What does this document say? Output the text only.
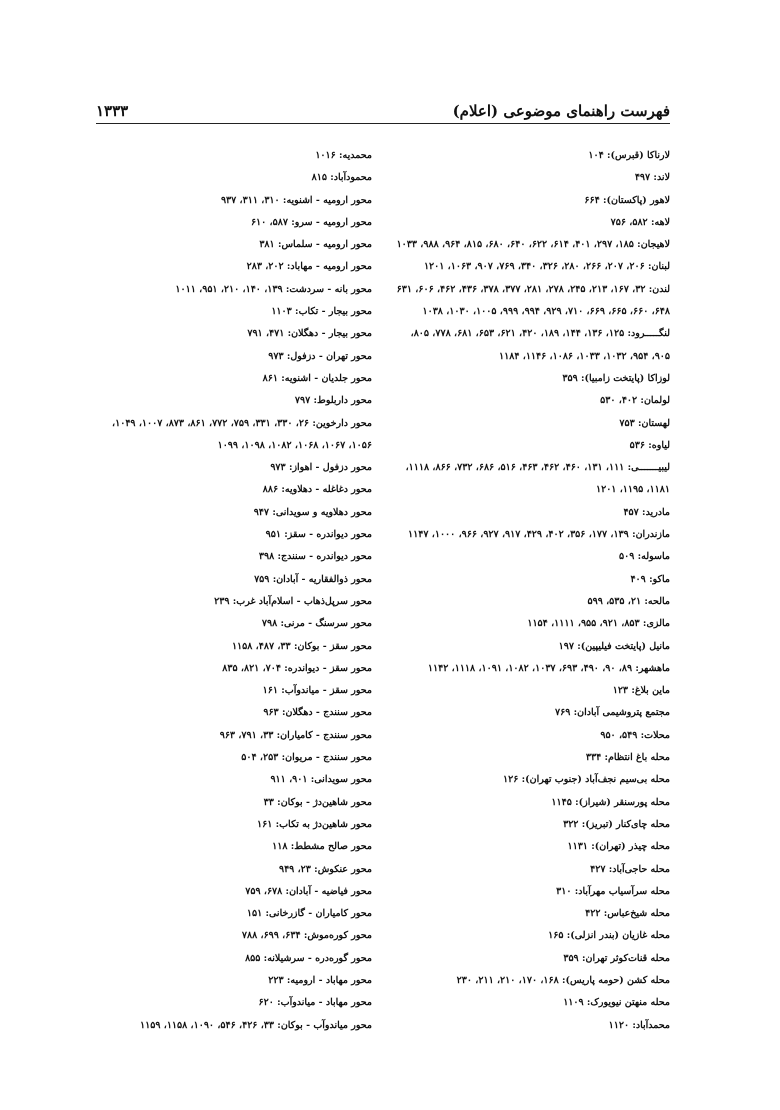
فهرست راهنمای موضوعی (اعلام)
۱۳۳۳
لارناکا (قبرس): ۱۰۴
لاند: ۴۹۷
لاهور (پاکستان): ۶۶۴
لاهه: ۵۸۲، ۷۵۶
لاهیجان: ۱۸۵، ۲۹۷، ۴۰۱، ۶۱۴، ۶۲۲، ۶۴۰، ۶۸۰، ۸۱۵، ۹۶۴، ۹۸۸، ۱۰۳۳
لبنان: ۲۰۶، ۲۰۷، ۲۶۶، ۲۸۰، ۳۲۶، ۳۴۰، ۷۶۹، ۹۰۷، ۱۰۶۳، ۱۲۰۱
لندن: ۳۲، ۱۶۷، ۲۱۳، ۲۴۵، ۲۷۸، ۲۸۱، ۳۷۷، ۳۷۸، ۴۳۶، ۴۶۲، ۶۰۶، ۶۳۱
۶۴۸، ۶۶۰، ۶۶۵، ۶۶۹، ۷۱۰، ۹۲۹، ۹۹۴، ۹۹۹، ۱۰۰۵، ۱۰۳۰، ۱۰۳۸
لنگـــــرود: ۱۲۵، ۱۳۶، ۱۴۴، ۱۸۹، ۴۲۰، ۶۲۱، ۶۵۳، ۶۸۱، ۷۷۸، ۸۰۵،
۹۰۵، ۹۵۴، ۱۰۳۲، ۱۰۳۳، ۱۰۸۶، ۱۱۴۶، ۱۱۸۴
لوزاکا (پایتخت زامبیا): ۳۵۹
لولمان: ۴۰۲، ۵۳۰
لهستان: ۷۵۳
لیاوه: ۵۳۶
لیبیـــــــی: ۱۱۱، ۱۳۱، ۴۶۰، ۴۶۲، ۴۶۳، ۵۱۶، ۶۸۶، ۷۳۲، ۸۶۶، ۱۱۱۸،
۱۱۸۱، ۱۱۹۵، ۱۲۰۱
مادرید: ۴۵۷
مازندران: ۱۳۹، ۱۷۷، ۳۵۶، ۴۰۲، ۴۲۹، ۹۱۷، ۹۲۷، ۹۶۶، ۱۰۰۰، ۱۱۴۷
ماسوله: ۵۰۹
ماکو: ۴۰۹
مالحه: ۲۱، ۵۳۵، ۵۹۹
مالزی: ۸۵۳، ۹۲۱، ۹۵۵، ۱۱۱۱، ۱۱۵۴
مانیل (پایتخت فیلیپین): ۱۹۷
ماهشهر: ۸۹، ۹۰، ۴۹۰، ۶۹۳، ۱۰۳۷، ۱۰۸۲، ۱۰۹۱، ۱۱۱۸، ۱۱۴۲
ماین بلاغ: ۱۲۳
مجتمع پتروشیمی آبادان: ۷۶۹
محلات: ۵۴۹، ۹۵۰
محله باغ انتظام: ۳۳۴
محله بی‌سیم نجف‌آباد (جنوب تهران): ۱۲۶
محله پورسنقر (شیراز): ۱۱۴۵
محله چای‌کنار (تبریز): ۳۲۲
محله چیذر (تهران): ۱۱۳۱
محله حاجی‌آباد: ۴۲۷
محله سرآسیاب مهرآباد: ۳۱۰
محله شیخ‌عباس: ۴۲۲
محله غازیان (بندر انزلی): ۱۶۵
محله قنات‌کوثر تهران: ۳۵۹
محله کشن (حومه پاریس): ۱۶۸، ۱۷۰، ۲۱۰، ۲۱۱، ۲۳۰
محله منهتن نیویورک: ۱۱۰۹
محمدآباد: ۱۱۲۰
محمدیه: ۱۰۱۶
محمودآباد: ۸۱۵
محور ارومیه - اشنویه: ۳۱۰، ۳۱۱، ۹۳۷
محور ارومیه - سرو: ۵۸۷، ۶۱۰
محور ارومیه - سلماس: ۳۸۱
محور ارومیه - مهاباد: ۲۰۲، ۲۸۳
محور بانه - سردشت: ۱۳۹، ۱۴۰، ۲۱۰، ۹۵۱، ۱۰۱۱
محور بیجار - تکاب: ۱۱۰۳
محور بیجار - دهگلان: ۴۷۱، ۷۹۱
محور تهران - دزفول: ۹۷۳
محور جلدیان - اشنویه: ۸۶۱
محور داربلوط: ۷۹۷
محور دارخوین: ۲۶، ۳۳۰، ۳۳۱، ۷۵۹، ۷۷۲، ۸۶۱، ۸۷۳، ۱۰۰۷، ۱۰۴۹،
۱۰۵۶، ۱۰۶۷، ۱۰۶۸، ۱۰۸۲، ۱۰۹۸، ۱۰۹۹
محور دزفول - اهواز: ۹۷۳
محور دغاغله - دهلاویه: ۸۸۶
محور دهلاویه و سویدانی: ۹۴۷
محور دیواندره - سقز: ۹۵۱
محور دیواندره - سنندج: ۳۹۸
محور ذوالفقاریه - آبادان: ۷۵۹
محور سرپل‌ذهاب - اسلام‌آباد غرب: ۲۳۹
محور سرسنگ - مرنی: ۷۹۸
محور سقز - بوکان: ۳۳، ۴۸۷، ۱۱۵۸
محور سقز - دیواندره: ۷۰۴، ۸۲۱، ۸۳۵
محور سقز - میاندوآب: ۱۶۱
محور سنندج - دهگلان: ۹۶۳
محور سنندج - کامیاران: ۳۳، ۷۹۱، ۹۶۳
محور سنندج - مریوان: ۲۵۳، ۵۰۴
محور سویدانی: ۹۰۱، ۹۱۱
محور شاهین‌دژ - بوکان: ۳۳
محور شاهین‌دژ به تکاب: ۱۶۱
محور صالح مشطط: ۱۱۸
محور عنکوش: ۲۳، ۹۴۹
محور فیاضیه - آبادان: ۶۷۸، ۷۵۹
محور کامیاران - گازرخانی: ۱۵۱
محور کوره‌موش: ۶۳۴، ۶۹۹، ۷۸۸
محور گوره‌دره - سرشیلانه: ۸۵۵
محور مهاباد - ارومیه: ۲۲۳
محور مهاباد - میاندوآب: ۶۲۰
محور میاندوآب - بوکان: ۳۳، ۴۲۶، ۵۴۶، ۱۰۹۰، ۱۱۵۸، ۱۱۵۹
